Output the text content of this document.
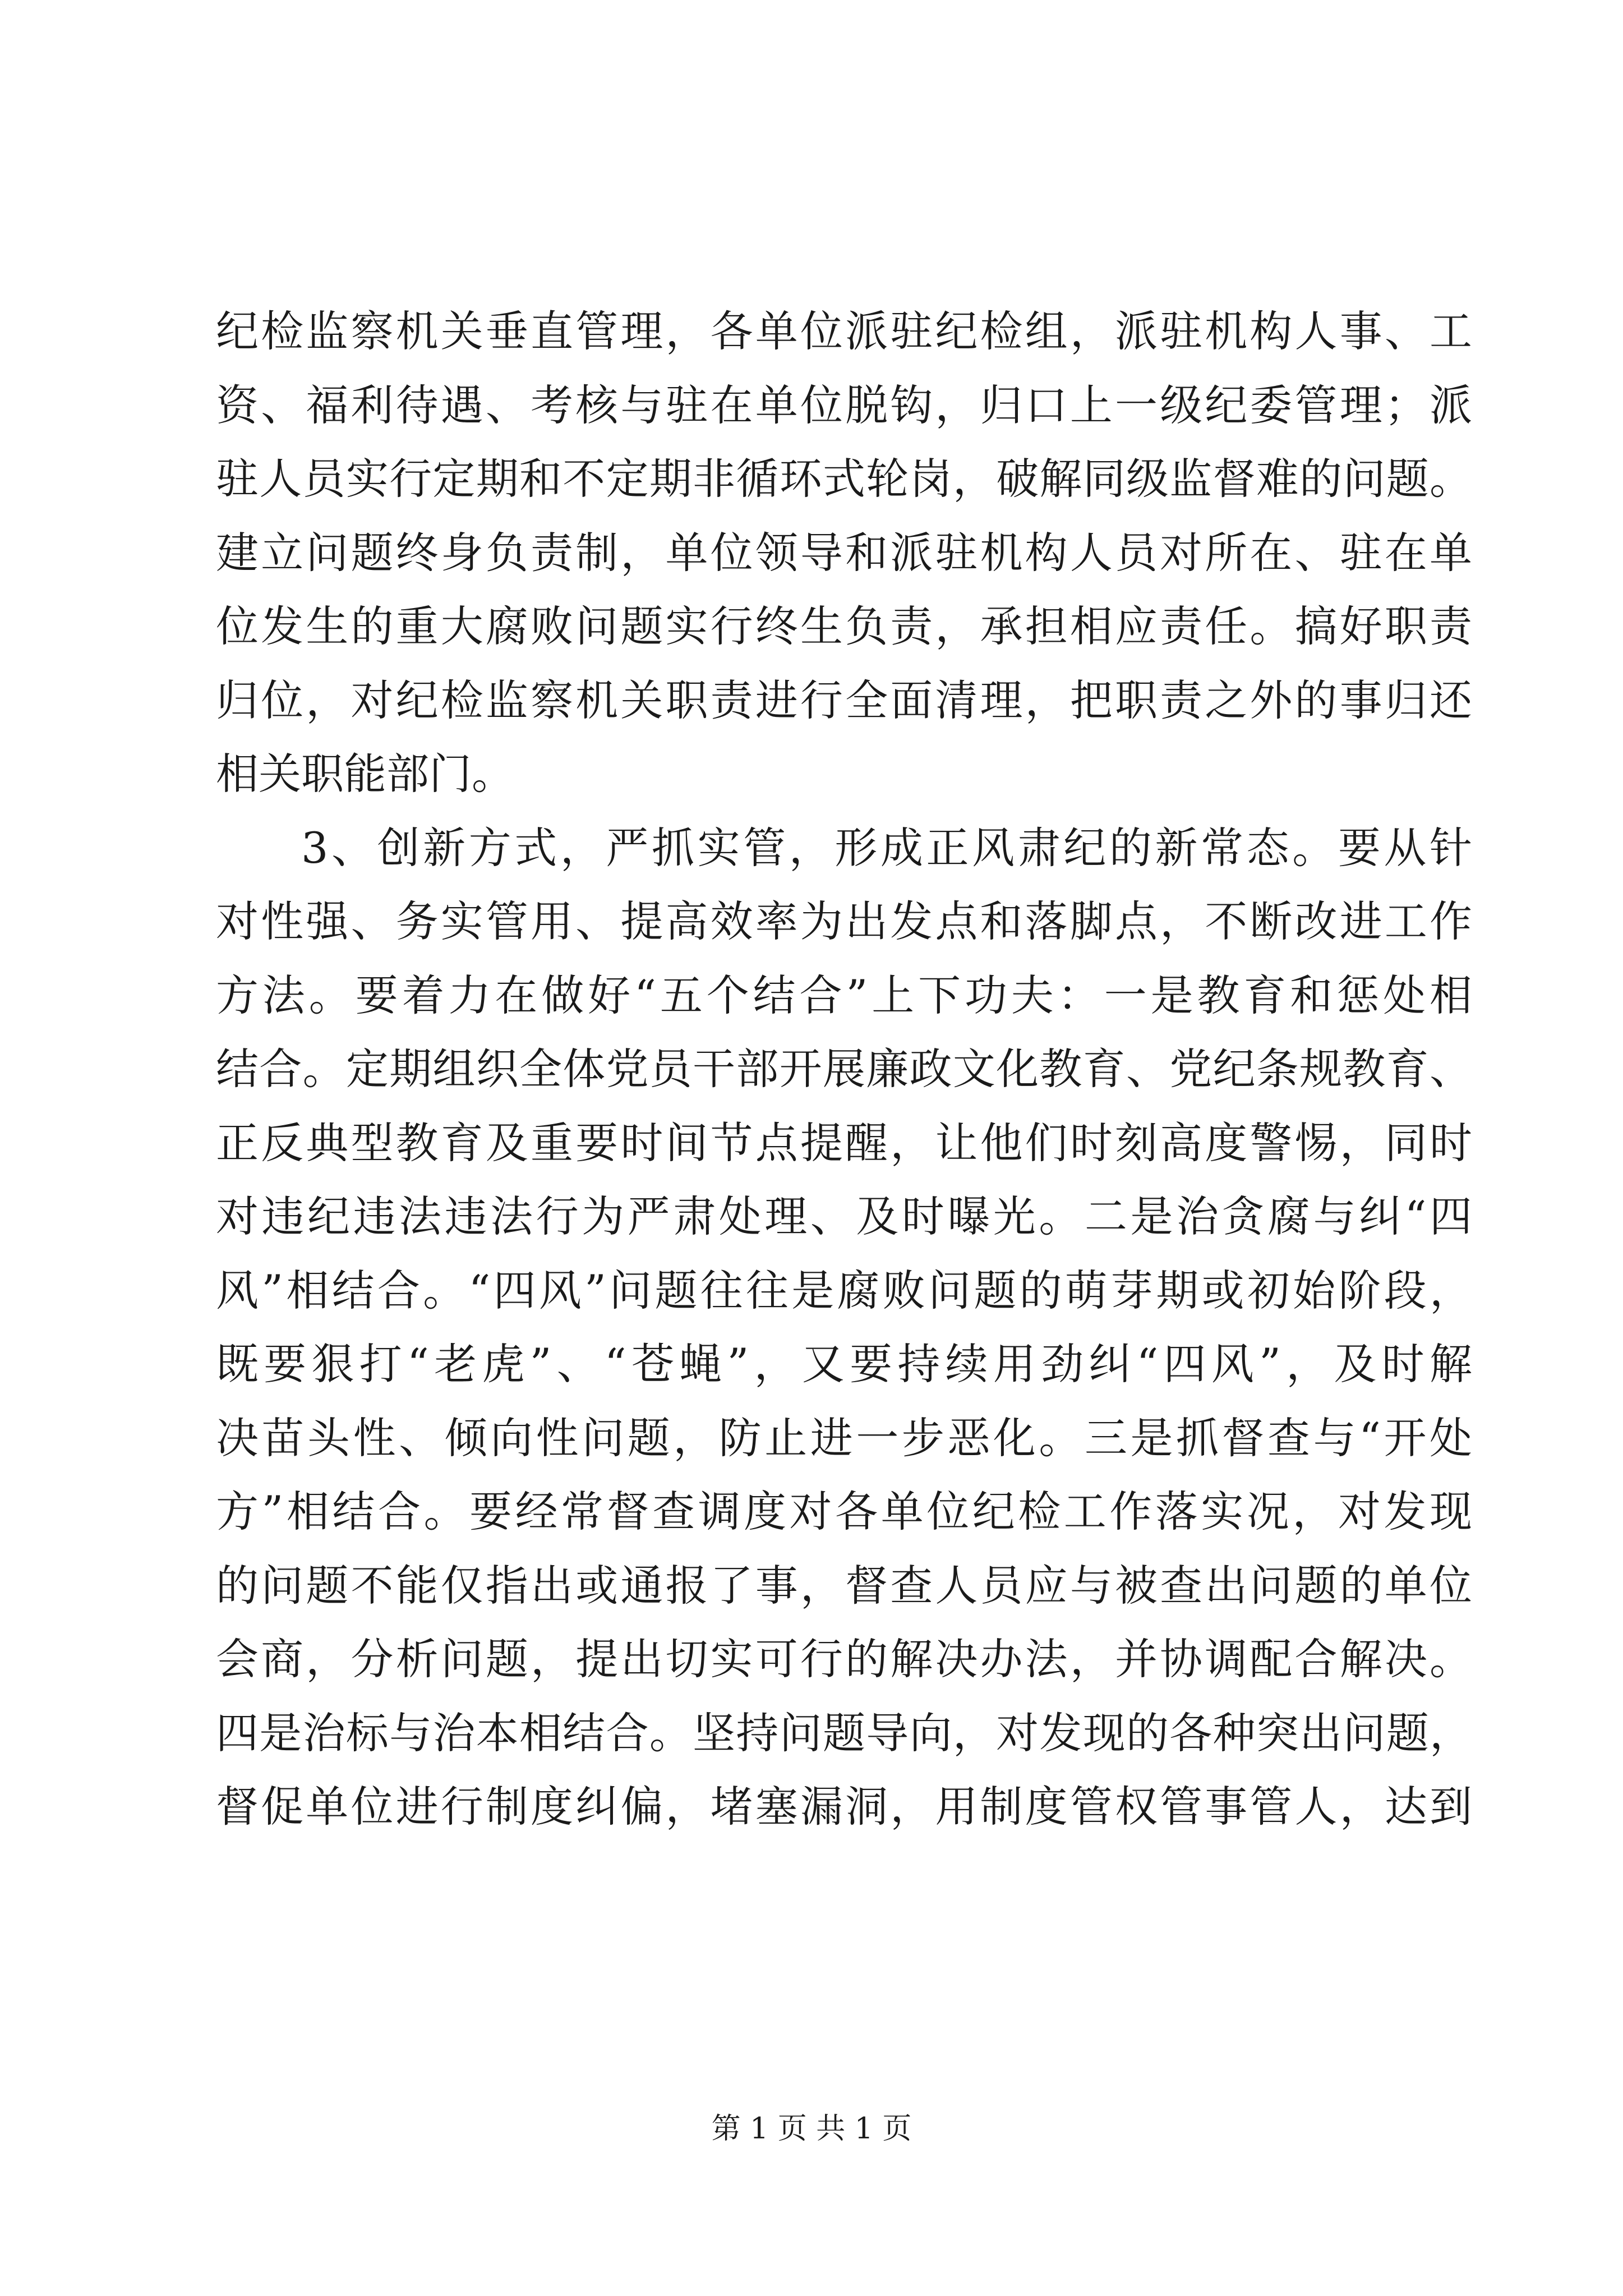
纪检监察机关垂直管理，各单位派驻纪检组，派驻机构人事、工
资、福利待遇、考核与驻在单位脱钩，归口上一级纪委管理；派
驻人员实行定期和不定期非循环式轮岗，破解同级监督难的问题。
建立问题终身负责制，单位领导和派驻机构人员对所在、驻在单
位发生的重大腐败问题实行终生负责，承担相应责任。搞好职责
归位，对纪检监察机关职责进行全面清理，把职责之外的事归还
相关职能部门。
3、创新方式，严抓实管，形成正风肃纪的新常态。要从针
对性强、务实管用、提高效率为出发点和落脚点，不断改进工作
方法。要着力在做好“五个结合”上下功夫：一是教育和惩处相
结合。定期组织全体党员干部开展廉政文化教育、党纪条规教育、
正反典型教育及重要时间节点提醒，让他们时刻高度警惕，同时
对违纪违法违法行为严肃处理、及时曝光。二是治贪腐与纠“四
风”相结合。“四风”问题往往是腐败问题的萌芽期或初始阶段，
既要狠打“老虎”、“苍蝇”，又要持续用劲纠“四风”，及时解
决苗头性、倾向性问题，防止进一步恶化。三是抓督查与“开处
方”相结合。要经常督查调度对各单位纪检工作落实况，对发现
的问题不能仅指出或通报了事，督查人员应与被查出问题的单位
会商，分析问题，提出切实可行的解决办法，并协调配合解决。
四是治标与治本相结合。坚持问题导向，对发现的各种突出问题，
督促单位进行制度纠偏，堵塞漏洞，用制度管权管事管人，达到
第 1 页 共 1 页
